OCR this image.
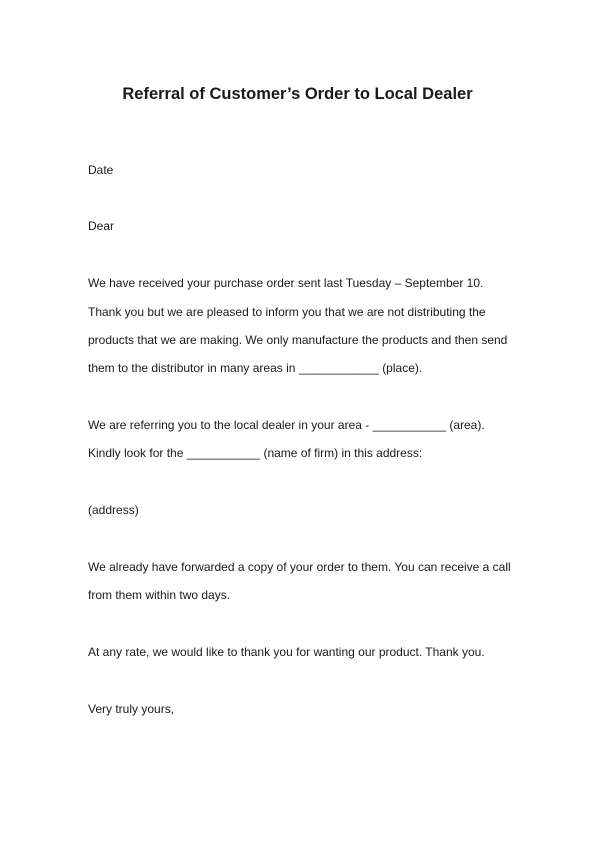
Referral of Customer’s Order to Local Dealer

Date

Dear

We have received your purchase order sent last Tuesday – September 10.

Thank you but we are pleased to inform you that we are not distributing the

products that we are making. We only manufacture the products and then send

them to the distributor in many areas in ____________ (place).

We are referring you to the local dealer in your area - ___________ (area).

Kindly look for the ___________ (name of firm) in this address:

(address)

We already have forwarded a copy of your order to them. You can receive a call

from them within two days.

At any rate, we would like to thank you for wanting our product. Thank you.

Very truly yours,
